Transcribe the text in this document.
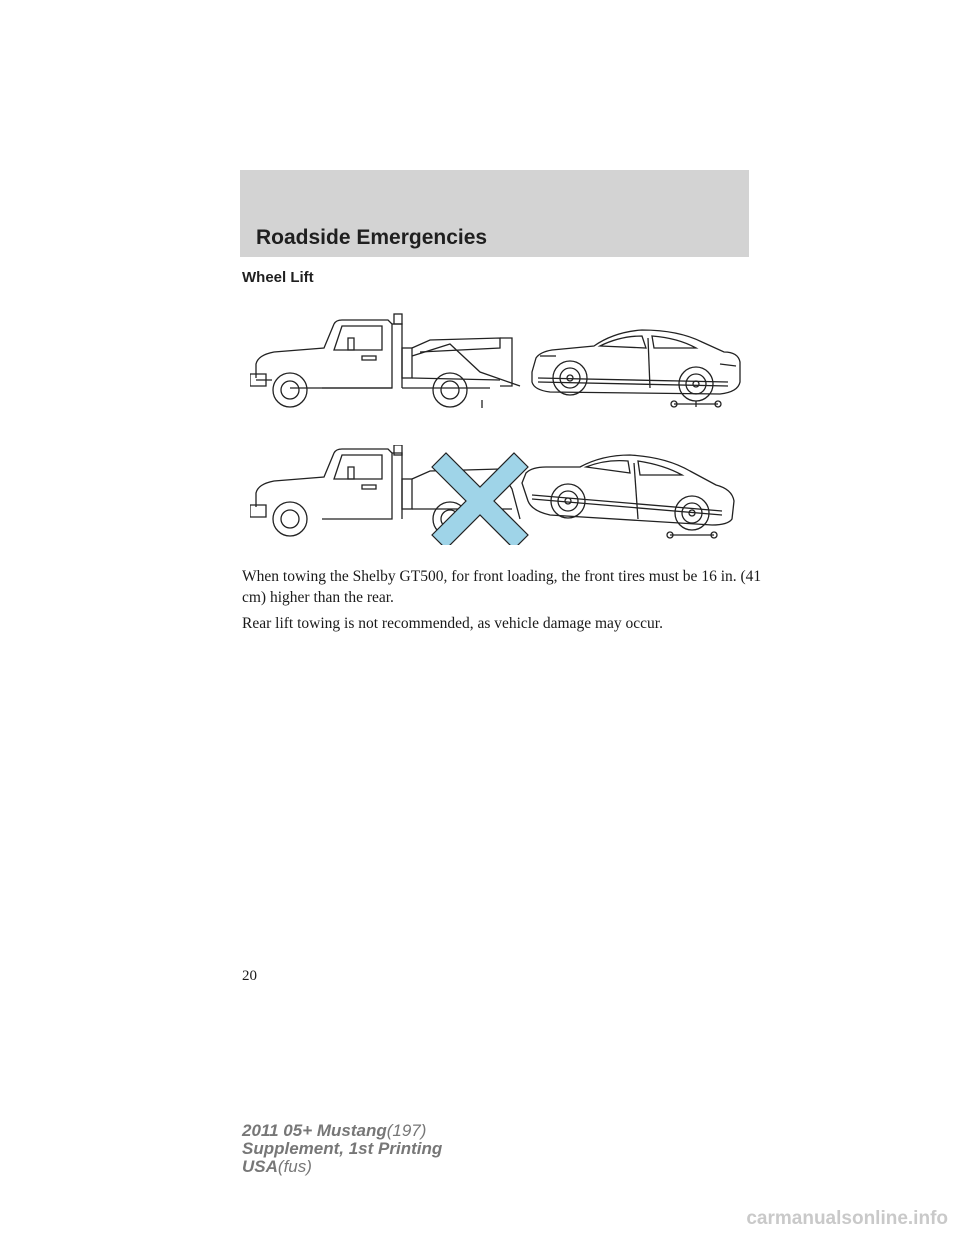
Roadside Emergencies
Wheel Lift

When towing the Shelby GT500, for front loading, the front tires must be 16 in. (41 cm) higher than the rear.

Rear lift towing is not recommended, as vehicle damage may occur.

20

2011 05+ Mustang(197)
Supplement, 1st Printing
USA(fus)
carmanualsonline.info
